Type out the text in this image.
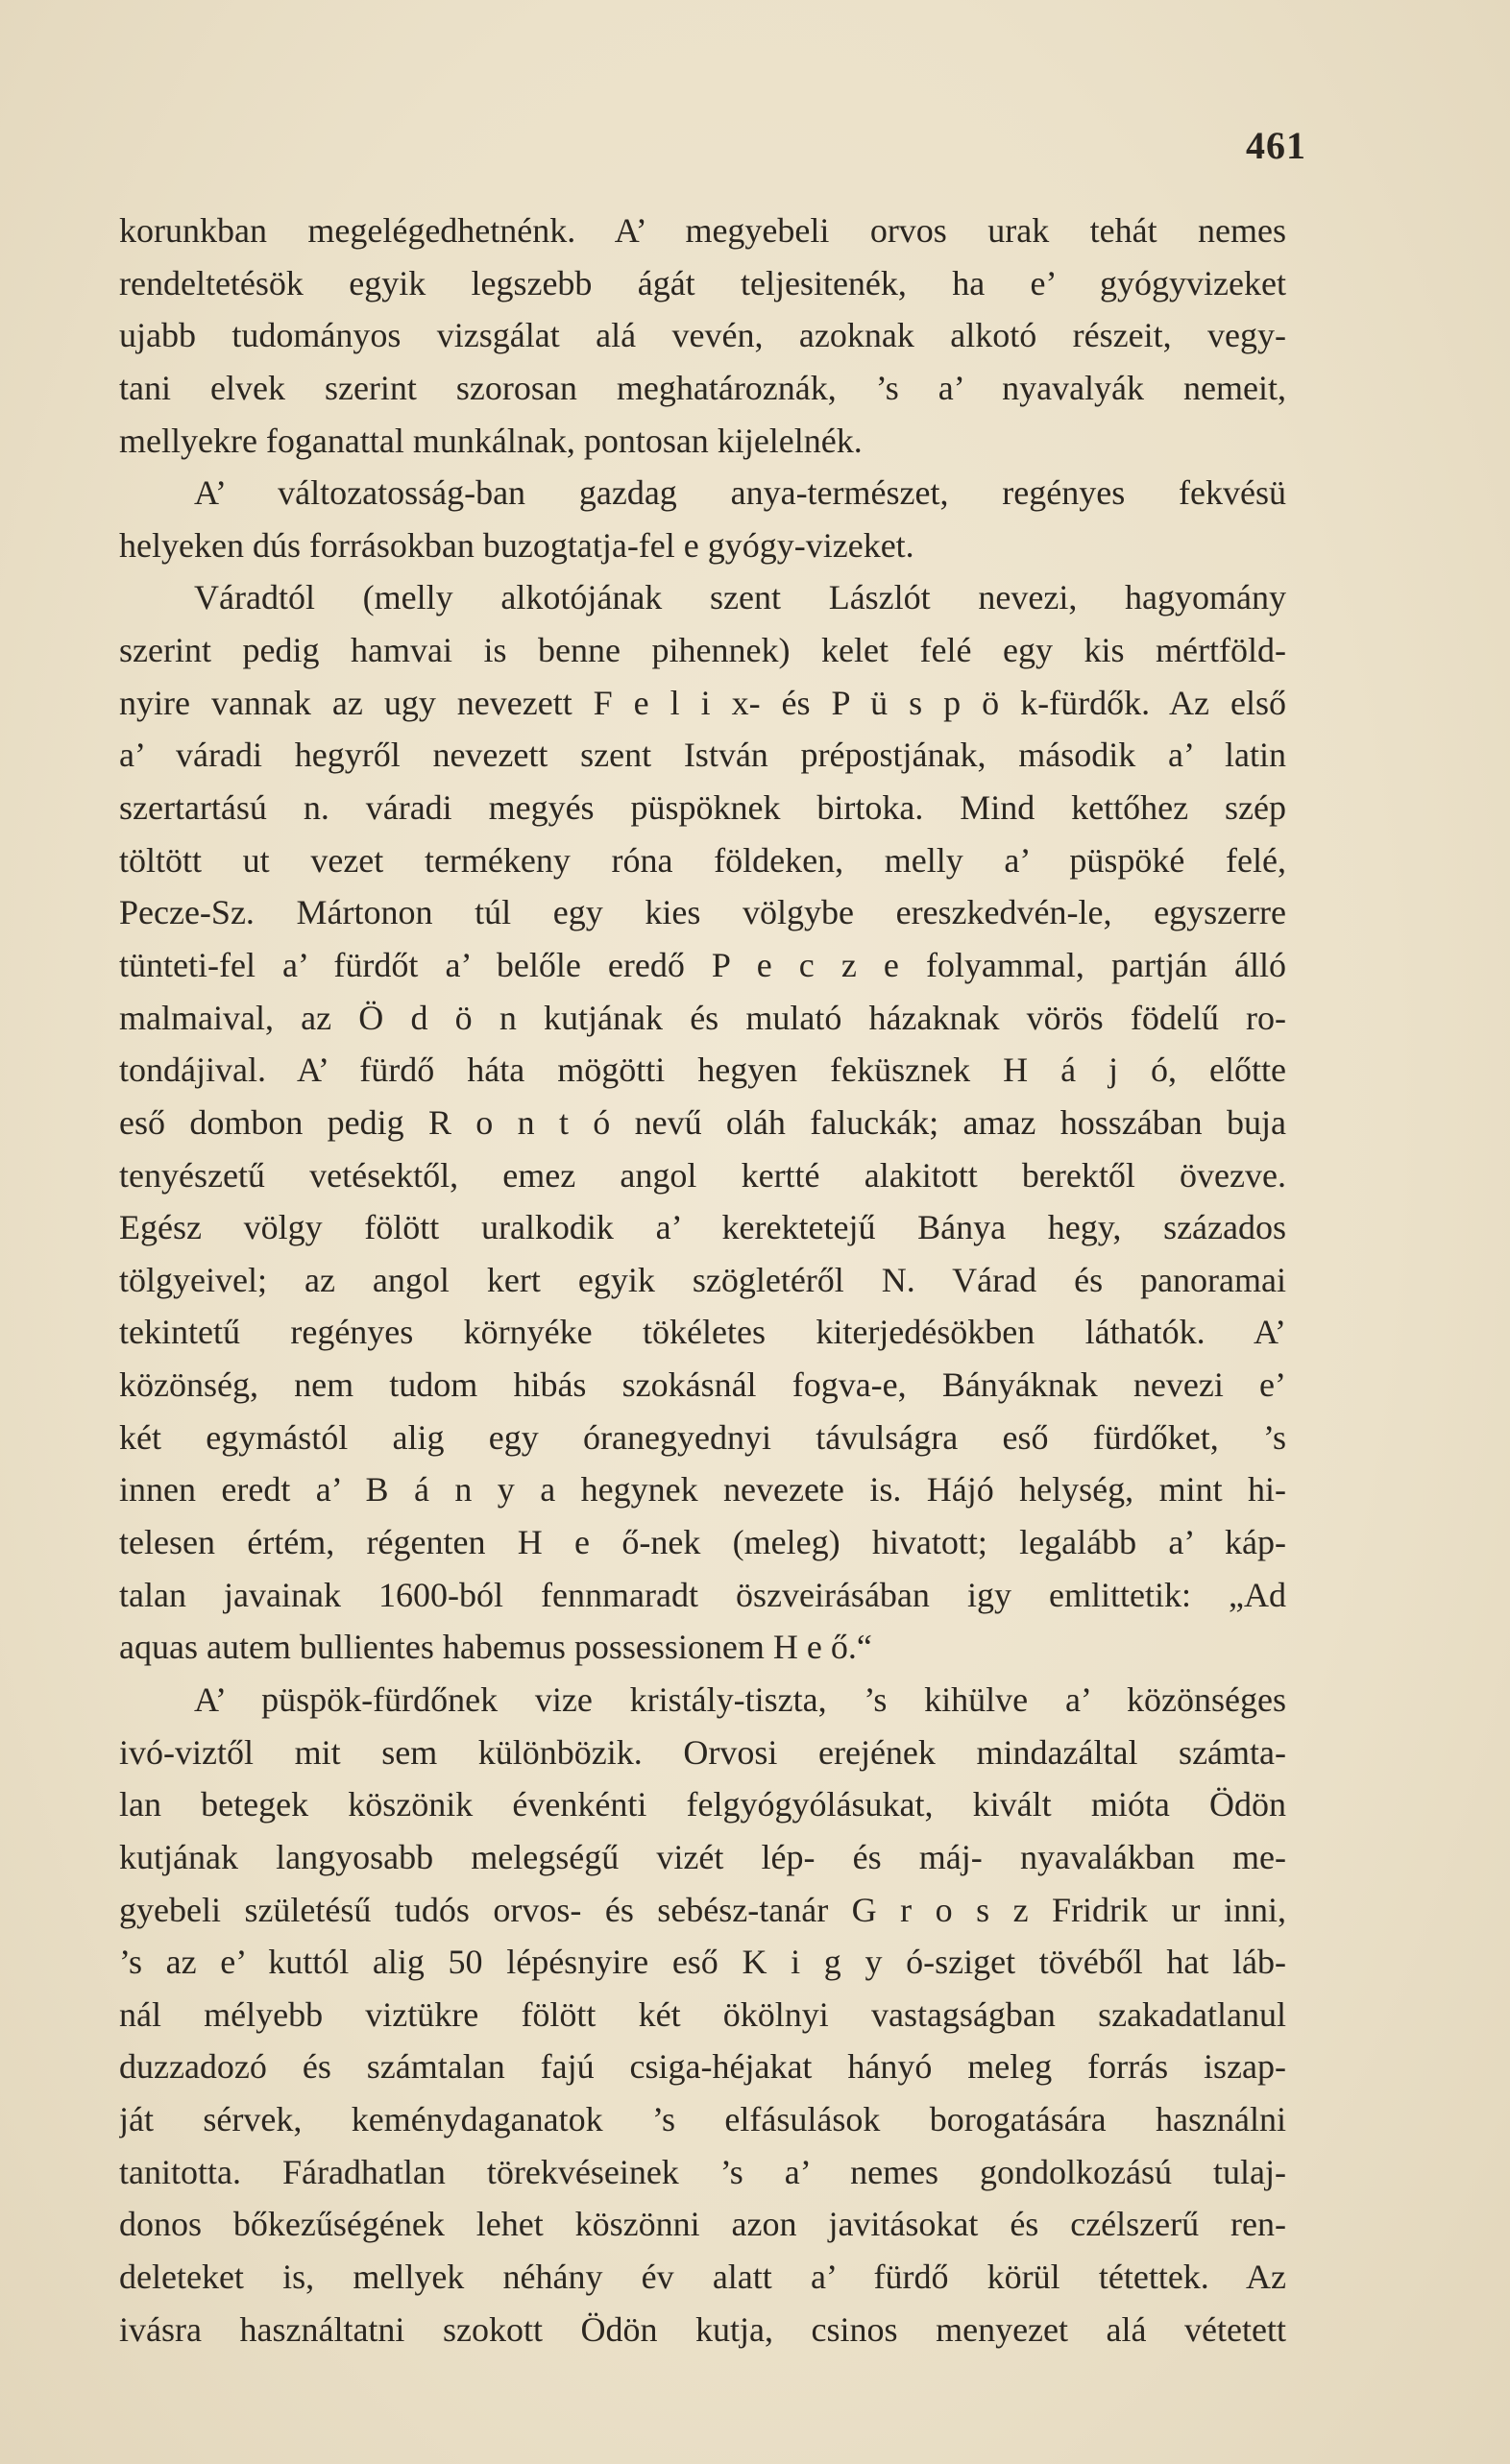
461
korunkban megelégedhetnénk. A’ megyebeli orvos urak tehát nemes
rendeltetésök egyik legszebb ágát teljesitenék, ha e’ gyógyvizeket
ujabb tudományos vizsgálat alá vevén, azoknak alkotó részeit, vegy-
tani elvek szerint szorosan meghatároznák, ’s a’ nyavalyák nemeit,
mellyekre foganattal munkálnak, pontosan kijelelnék.
A’ változatosság-ban gazdag anya-természet, regényes fekvésü
helyeken dús forrásokban buzogtatja-fel e gyógy-vizeket.
Váradtól (melly alkotójának szent Lászlót nevezi, hagyomány
szerint pedig hamvai is benne pihennek) kelet felé egy kis mértföld-
nyire vannak az ugy nevezett F e l i x- és P ü s p ö k-fürdők. Az első
a’ váradi hegyről nevezett szent István prépostjának, második a’ latin
szertartású n. váradi megyés püspöknek birtoka. Mind kettőhez szép
töltött ut vezet termékeny róna földeken, melly a’ püspöké felé,
Pecze-Sz. Mártonon túl egy kies völgybe ereszkedvén-le, egyszerre
tünteti-fel a’ fürdőt a’ belőle eredő P e c z e folyammal, partján álló
malmaival, az Ö d ö n kutjának és mulató házaknak vörös födelű ro-
tondájival. A’ fürdő háta mögötti hegyen feküsznek H á j ó, előtte
eső dombon pedig R o n t ó nevű oláh faluckák; amaz hosszában buja
tenyészetű vetésektől, emez angol kertté alakitott berektől övezve.
Egész völgy fölött uralkodik a’ kerektetejű Bánya hegy, százados
tölgyeivel; az angol kert egyik szögletéről N. Várad és panoramai
tekintetű regényes környéke tökéletes kiterjedésökben láthatók. A’
közönség, nem tudom hibás szokásnál fogva-e, Bányáknak nevezi e’
két egymástól alig egy óranegyednyi távulságra eső fürdőket, ’s
innen eredt a’ B á n y a hegynek nevezete is. Hájó helység, mint hi-
telesen értém, régenten H e ő-nek (meleg) hivatott; legalább a’ káp-
talan javainak 1600-ból fennmaradt öszveirásában igy emlittetik: „Ad
aquas autem bullientes habemus possessionem H e ő.“
A’ püspök-fürdőnek vize kristály-tiszta, ’s kihülve a’ közönséges
ivó-viztől mit sem különbözik. Orvosi erejének mindazáltal számta-
lan betegek köszönik évenkénti felgyógyólásukat, kivált mióta Ödön
kutjának langyosabb melegségű vizét lép- és máj- nyavalákban me-
gyebeli születésű tudós orvos- és sebész-tanár G r o s z Fridrik ur inni,
’s az e’ kuttól alig 50 lépésnyire eső K i g y ó-sziget tövéből hat láb-
nál mélyebb viztükre fölött két ökölnyi vastagságban szakadatlanul
duzzadozó és számtalan fajú csiga-héjakat hányó meleg forrás iszap-
ját sérvek, keménydaganatok ’s elfásulások borogatására használni
tanitotta. Fáradhatlan törekvéseinek ’s a’ nemes gondolkozású tulaj-
donos bőkezűségének lehet köszönni azon javitásokat és czélszerű ren-
deleteket is, mellyek néhány év alatt a’ fürdő körül tétettek. Az
ivásra használtatni szokott Ödön kutja, csinos menyezet alá vétetett
